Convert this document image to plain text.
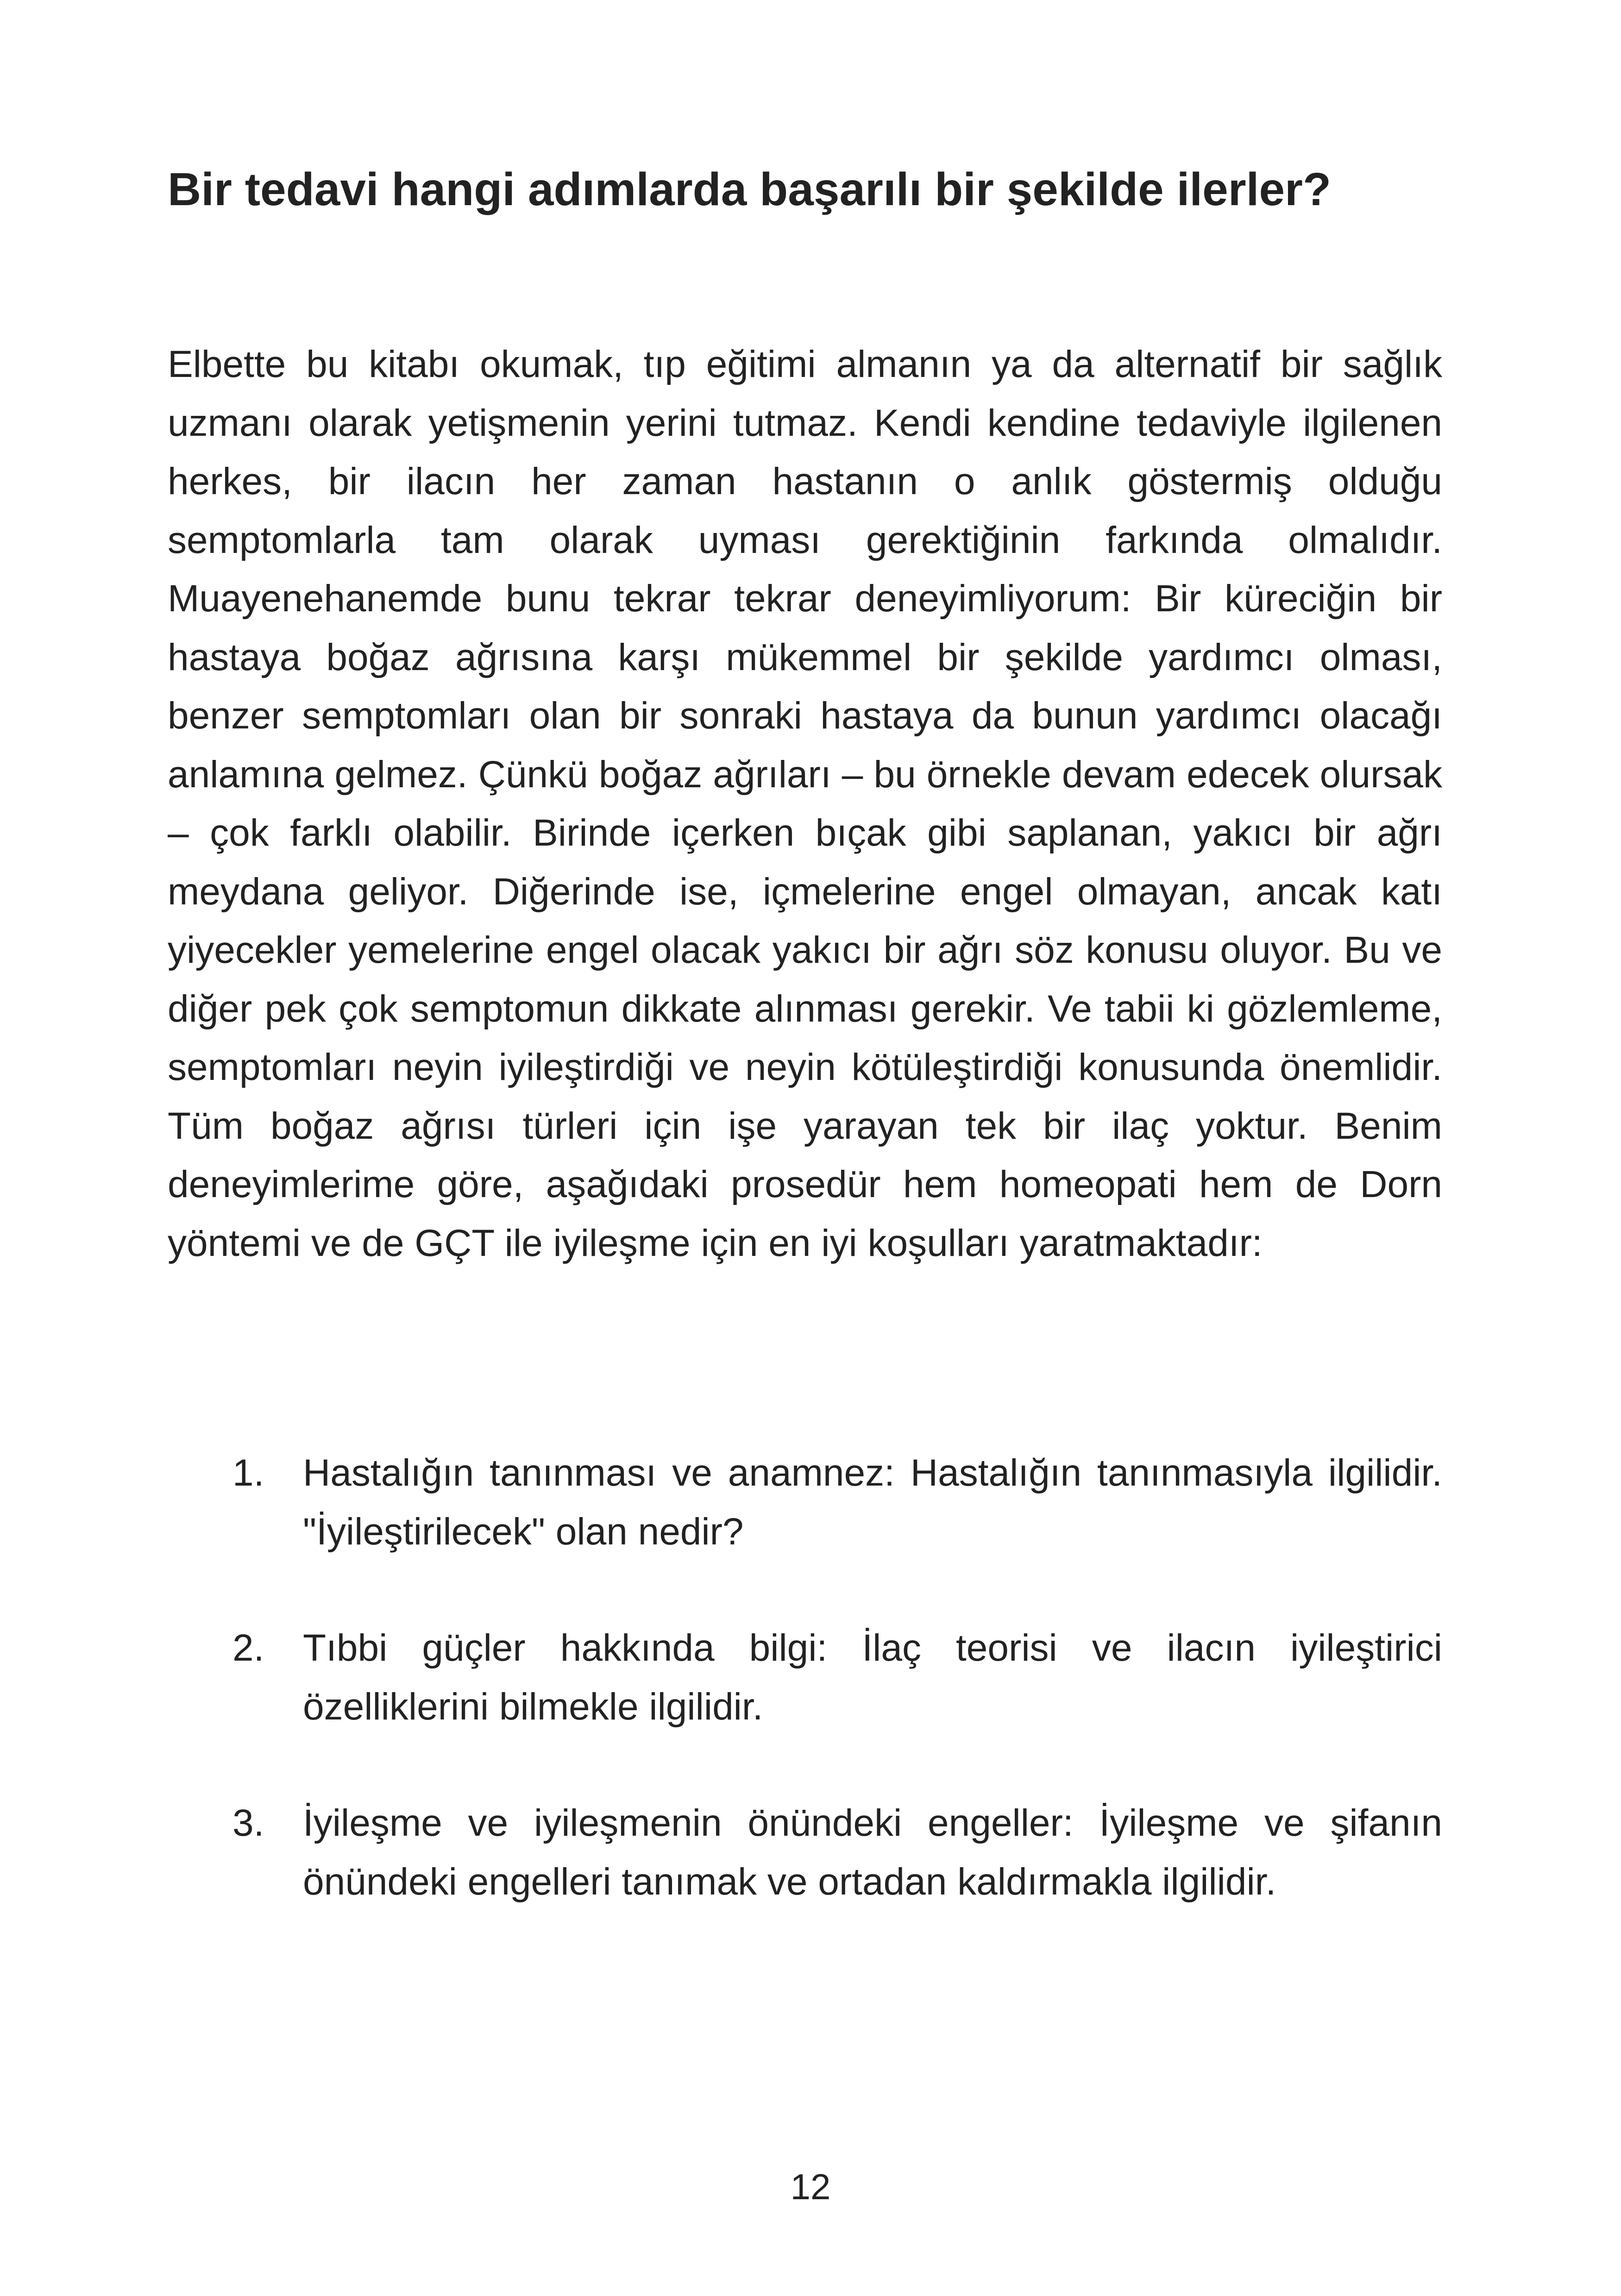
Bir tedavi hangi adımlarda başarılı bir şekilde ilerler?

Elbette bu kitabı okumak, tıp eğitimi almanın ya da alternatif bir sağlık uzmanı olarak yetişmenin yerini tutmaz. Kendi kendine tedaviyle ilgilenen herkes, bir ilacın her zaman hastanın o anlık göstermiş olduğu semptomlarla tam olarak uyması gerektiğinin farkında olmalıdır. Muayenehanemde bunu tekrar tekrar deneyimliyorum: Bir küreciğin bir hastaya boğaz ağrısına karşı mükemmel bir şekilde yardımcı olması, benzer semptomları olan bir sonraki hastaya da bunun yardımcı olacağı anlamına gelmez. Çünkü boğaz ağrıları – bu örnekle devam edecek olursak – çok farklı olabilir. Birinde içerken bıçak gibi saplanan, yakıcı bir ağrı meydana geliyor. Diğerinde ise, içmelerine engel olmayan, ancak katı yiyecekler yemelerine engel olacak yakıcı bir ağrı söz konusu oluyor. Bu ve diğer pek çok semptomun dikkate alınması gerekir. Ve tabii ki gözlemleme, semptomları neyin iyileştirdiği ve neyin kötüleştirdiği konusunda önemlidir. Tüm boğaz ağrısı türleri için işe yarayan tek bir ilaç yoktur. Benim deneyimlerime göre, aşağıdaki prosedür hem homeopati hem de Dorn yöntemi ve de GÇT ile iyileşme için en iyi koşulları yaratmaktadır:

1. Hastalığın tanınması ve anamnez: Hastalığın tanınmasıyla ilgilidir. "İyileştirilecek" olan nedir?
2. Tıbbi güçler hakkında bilgi: İlaç teorisi ve ilacın iyileştirici özelliklerini bilmekle ilgilidir.
3. İyileşme ve iyileşmenin önündeki engeller: İyileşme ve şifanın önündeki engelleri tanımak ve ortadan kaldırmakla ilgilidir.
12
